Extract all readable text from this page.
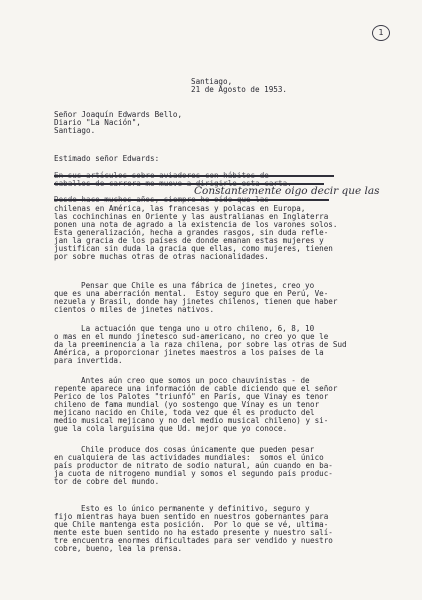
1
Santiago,
21 de Agosto de 1953.
Señor Joaquín Edwards Bello,
Diario "La Nación",
Santiago.
Estimado señor Edwards:
En sus artículos sobre aviadores con hábitos de
caballos de carrera me mueve a dirigirle esta carta.
Constantemente oigo decir que las
Desde hace muchos años, siempre he oído que las
chilenas en América, las francesas y polacas en Europa,
las cochinchinas en Oriente y las australianas en Inglaterra
ponen una nota de agrado a la existencia de los varones solos.
Esta generalización, hecha a grandes rasgos, sin duda refle-
jan la gracia de los países de donde emanan estas mujeres y
justifican sin duda la gracia que ellas, como mujeres, tienen
por sobre muchas otras de otras nacionalidades.
Pensar que Chile es una fábrica de jinetes, creo yo
que es una aberración mental.  Estoy seguro que en Perú, Ve-
nezuela y Brasil, donde hay jinetes chilenos, tienen que haber
cientos o miles de jinetes nativos.
La actuación que tenga uno u otro chileno, 6, 8, 10
o mas en el mundo jinetesco sud-americano, no creo yo que le
da la preeminencia a la raza chilena, por sobre las otras de Sud
América, a proporcionar jinetes maestros a los países de la
para invertida.
Antes aún creo que somos un poco chauvinistas - de
repente aparece una información de cable diciendo que el señor
Perico de los Palotes "triunfó" en París, que Vinay es tenor
chileno de fama mundial (yo sostengo que Vinay es un tenor
mejicano nacido en Chile, toda vez que él es producto del
medio musical mejicano y no del medio musical chileno) y si-
gue la cola larguísima que Ud. mejor que yo conoce.
Chile produce dos cosas únicamente que pueden pesar
en cualquiera de las actividades mundiales:  somos el único
país productor de nitrato de sodio natural, aún cuando en ba-
ja cuota de nitrogeno mundial y somos el segundo país produc-
tor de cobre del mundo.
Esto es lo único permanente y definitivo, seguro y
fijo mientras haya buen sentido en nuestros gobernantes para
que Chile mantenga esta posición.  Por lo que se vé, ultima-
mente este buen sentido no ha estado presente y nuestro salí-
tre encuentra enormes dificultades para ser vendido y nuestro
cobre, bueno, lea la prensa.
